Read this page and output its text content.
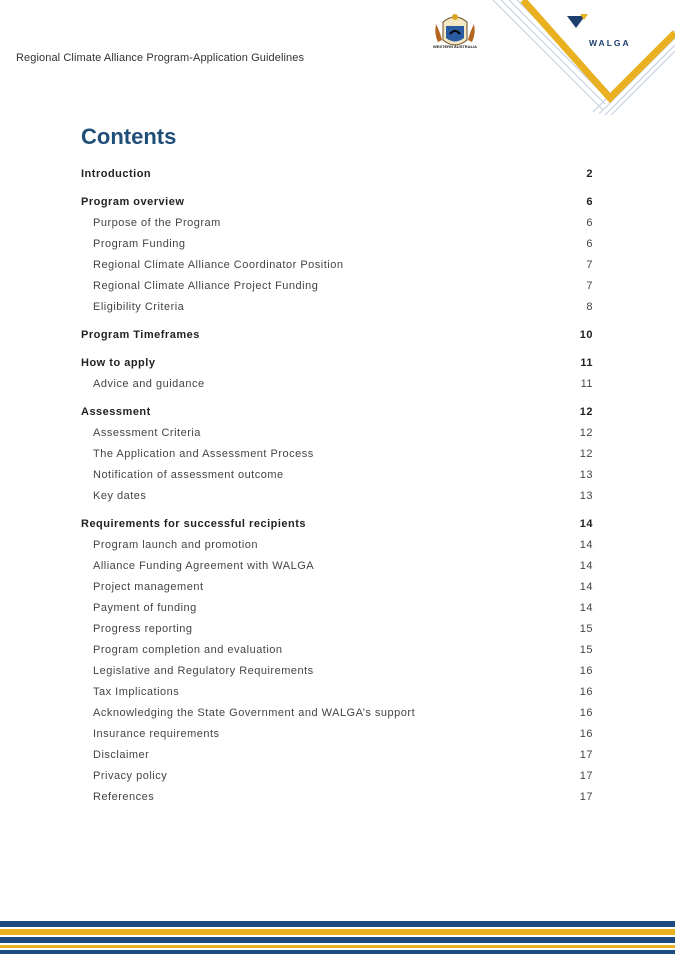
Regional Climate Alliance Program-Application Guidelines
WESTERN AUSTRALIA	WALGA
Contents
Introduction	2
Program overview	6
Purpose of the Program	6
Program Funding	6
Regional Climate Alliance Coordinator Position	7
Regional Climate Alliance Project Funding	7
Eligibility Criteria	8
Program Timeframes	10
How to apply	11
Advice and guidance	11
Assessment	12
Assessment Criteria	12
The Application and Assessment Process	12
Notification of assessment outcome	13
Key dates	13
Requirements for successful recipients	14
Program launch and promotion	14
Alliance Funding Agreement with WALGA	14
Project management	14
Payment of funding	14
Progress reporting	15
Program completion and evaluation	15
Legislative and Regulatory Requirements	16
Tax Implications	16
Acknowledging the State Government and WALGA’s support	16
Insurance requirements	16
Disclaimer	17
Privacy policy	17
References	17
